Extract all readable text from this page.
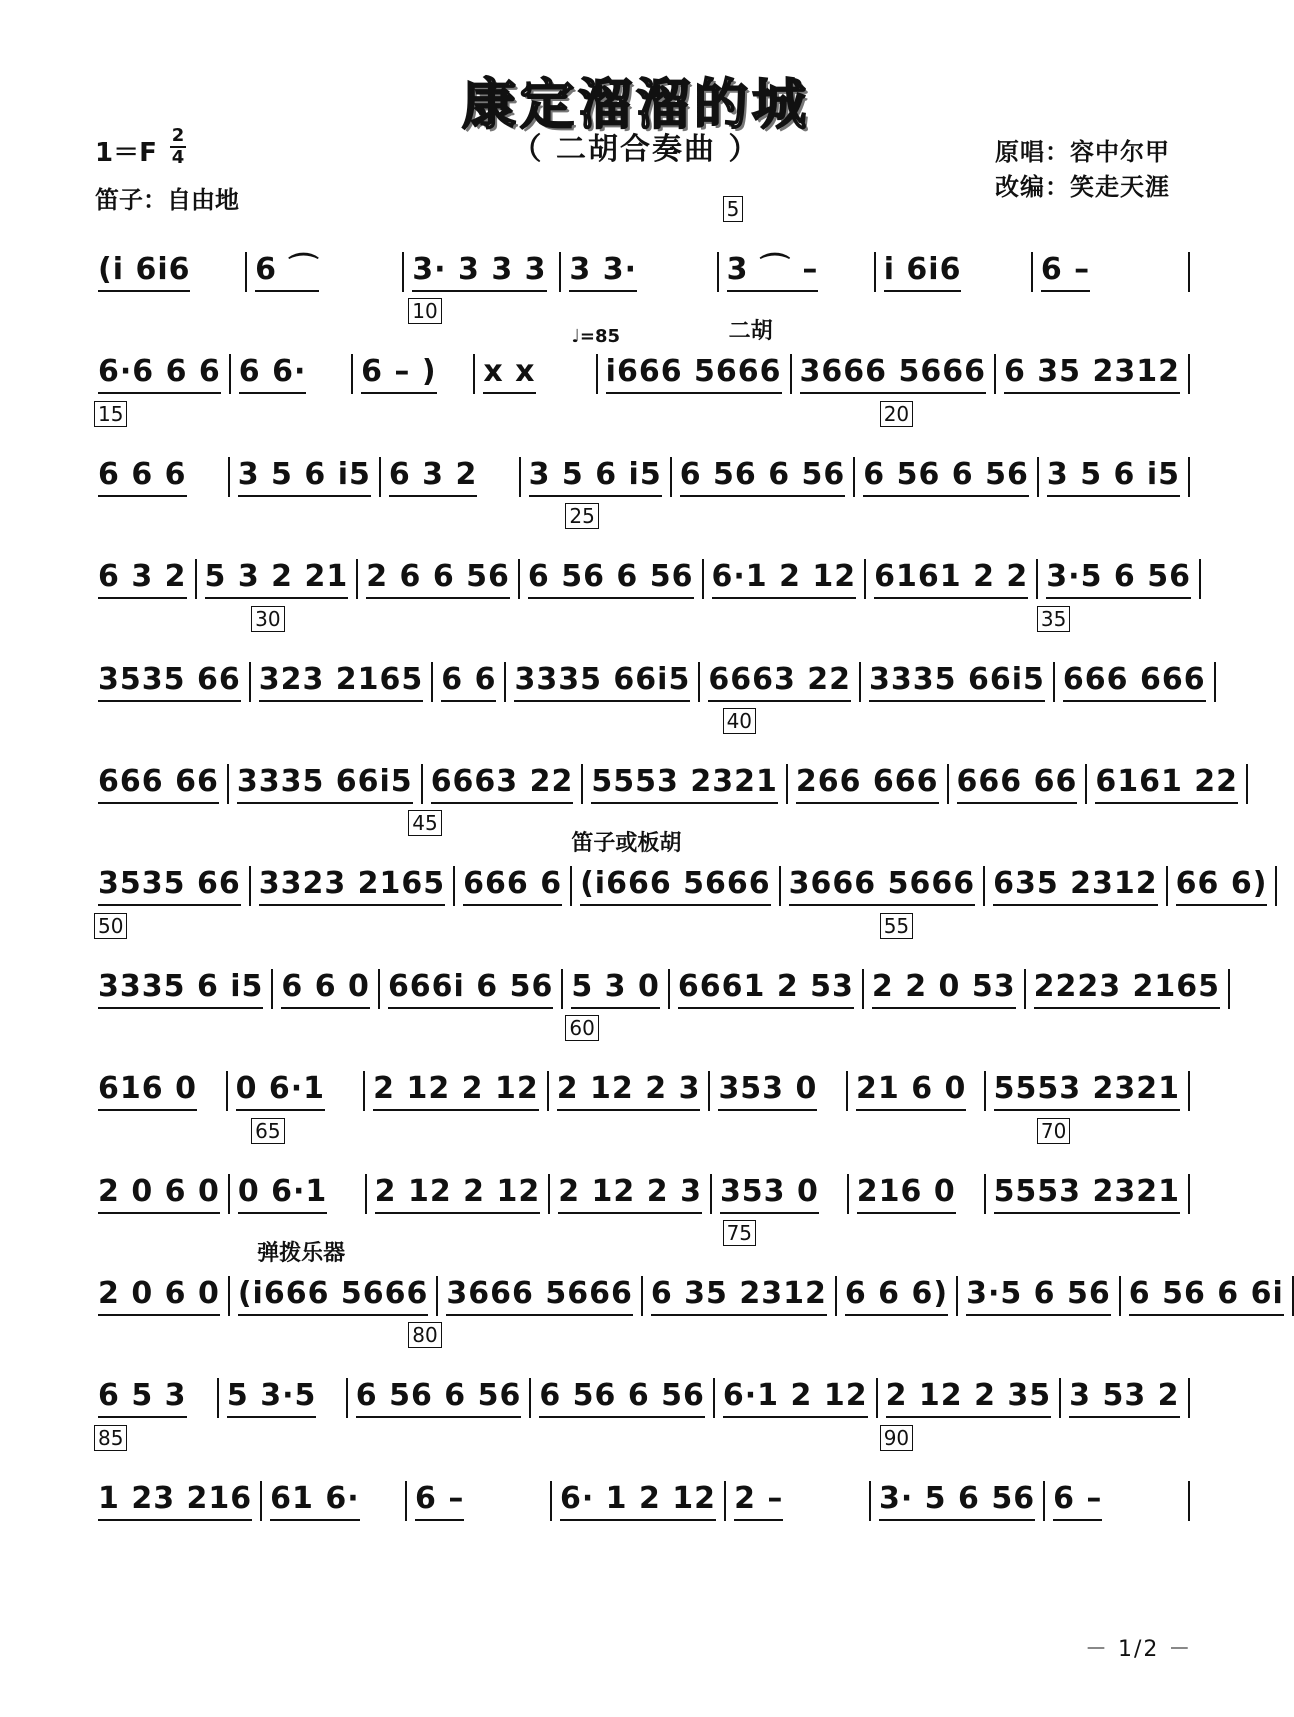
康定溜溜的城
（ 二胡合奏曲 ）
1＝F
2
4	原唱：容中尔甲
改编：笑走天涯
笛子：自由地
(i 6i6	6 ⌒	3· 3 3 3 3 3·	3 ⌒ –	i 6i6	6 –
5
6·6 6 6 6 6·	6 – )	x x	i666 5666 3666 5666 6 35 2312
10
二胡
♩=85
6 6 6	3 5 6 i5 6 3 2	3 5 6 i5 6 56 6 56 6 56 6 56 3 5 6 i5
15	20
6 3 2 5 3 2 21 2 6 6 56 6 56 6 56 6·1 2 12 6161 2 2 3·5 6 56
25
3535 66 323 2165 6 6 3335 66i5 6663 22 3335 66i5 666 666
30	35
666 66 3335 66i5 6663 22 5553 2321 266 666 666 66 6161 22
40
3535 66 3323 2165 666 6 (i666 5666 3666 5666 635 2312 66 6)
45
笛子或板胡
3335 6 i5 6 6 0 666i 6 56 5 3 0 6661 2 53 2 2 0 53 2223 2165
50	55
616 0	0 6·1	2 12 2 12 2 12 2 3 353 0	21 6 0 5553 2321
60
2 0 6 0 0 6·1	2 12 2 12 2 12 2 3 353 0	216 0	5553 2321
65	70
2 0 6 0 (i666 5666 3666 5666 6 35 2312 6 6 6) 3·5 6 56 6 56 6 6i
75
弹拨乐器
6 5 3	5 3·5	6 56 6 56 6 56 6 56 6·1 2 12 2 12 2 35 3 53 2
80
1 23 216 61 6·	6 –	6· 1 2 12 2 –	3· 5 6 56 6 –
85	90
－ 1/2 －
